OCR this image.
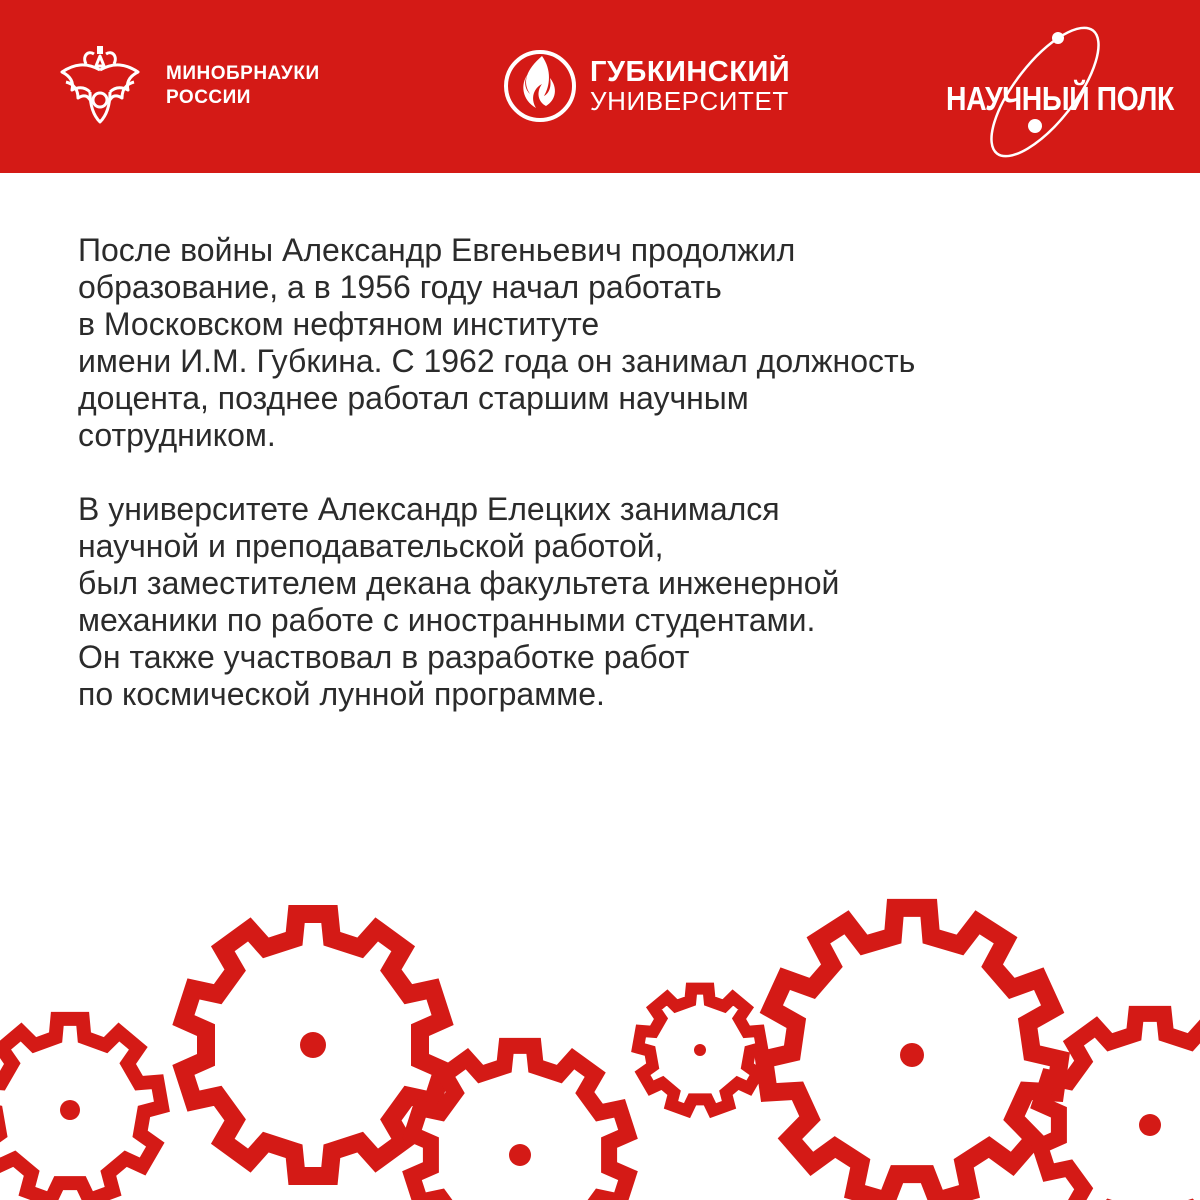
МИНОБРНАУКИ
РОССИИ
ГУБКИНСКИЙ
УНИВЕРСИТЕТ	НАУЧНЫЙ ПОЛК

После войны Александр Евгеньевич продолжил
образование, а в 1956 году начал работать
в Московском нефтяном институте
имени И.М. Губкина. С 1962 года он занимал должность
доцента, позднее работал старшим научным
сотрудником.

В университете Александр Елецких занимался
научной и преподавательской работой,
был заместителем декана факультета инженерной
механики по работе с иностранными студентами.
Он также участвовал в разработке работ
по космической лунной программе.
